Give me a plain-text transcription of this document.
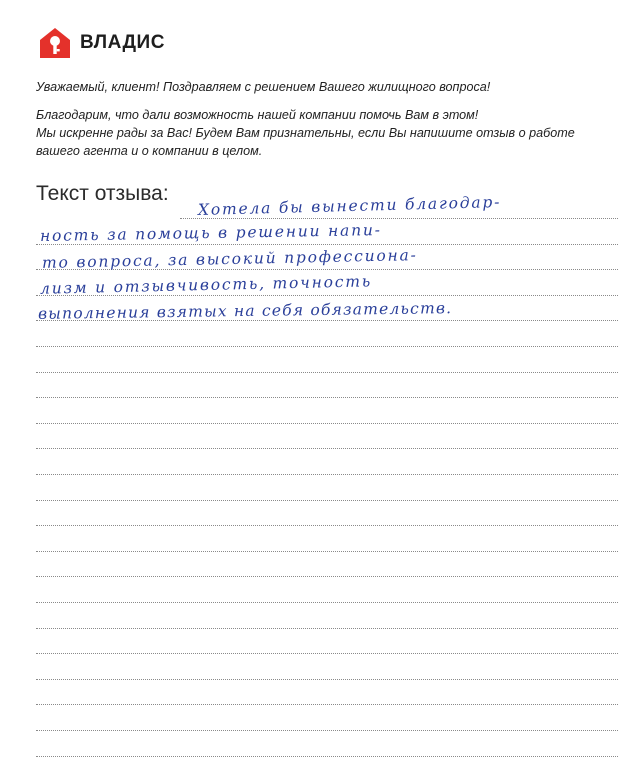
ВЛАДИС

Уважаемый, клиент! Поздравляем с решением Вашего жилищного вопроса!

Благодарим, что дали возможность нашей компании помочь Вам в этом!

Мы искренне рады за Вас! Будем Вам признательны, если Вы напишите отзыв о работе

вашего агента и о компании в целом.

Текст отзыва: Хотела бы вынести благодар-
ность за помощь в решении напи-
то вопроса, за высокий профессиона-
лизм и отзывчивость, точность
выполнения взятых на себя обязательств.
